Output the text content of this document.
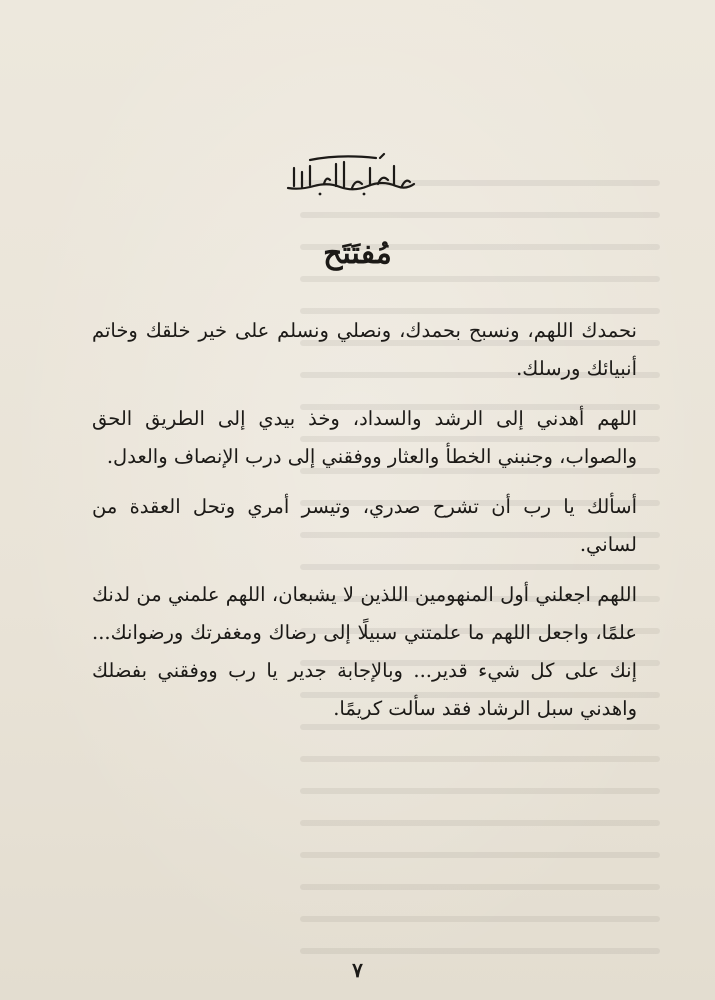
مُفتَتَح

نحمدك اللهم، ونسبح بحمدك، ونصلي ونسلم على خير خلقك وخاتم أنبيائك ورسلك.

اللهم أهدني إلى الرشد والسداد، وخذ بيدي إلى الطريق الحق والصواب، وجنبني الخطأ والعثار ووفقني إلى درب الإنصاف والعدل.

أسألك يا رب أن تشرح صدري، وتيسر أمري وتحل العقدة من لساني.

اللهم اجعلني أول المنهومين اللذين لا يشبعان، اللهم علمني من لدنك علمًا، واجعل اللهم ما علمتني سبيلًا إلى رضاك ومغفرتك ورضوانك... إنك على كل شيء قدير... وبالإجابة جدير يا رب ووفقني بفضلك واهدني سبل الرشاد فقد سألت كريمًا.

٧
